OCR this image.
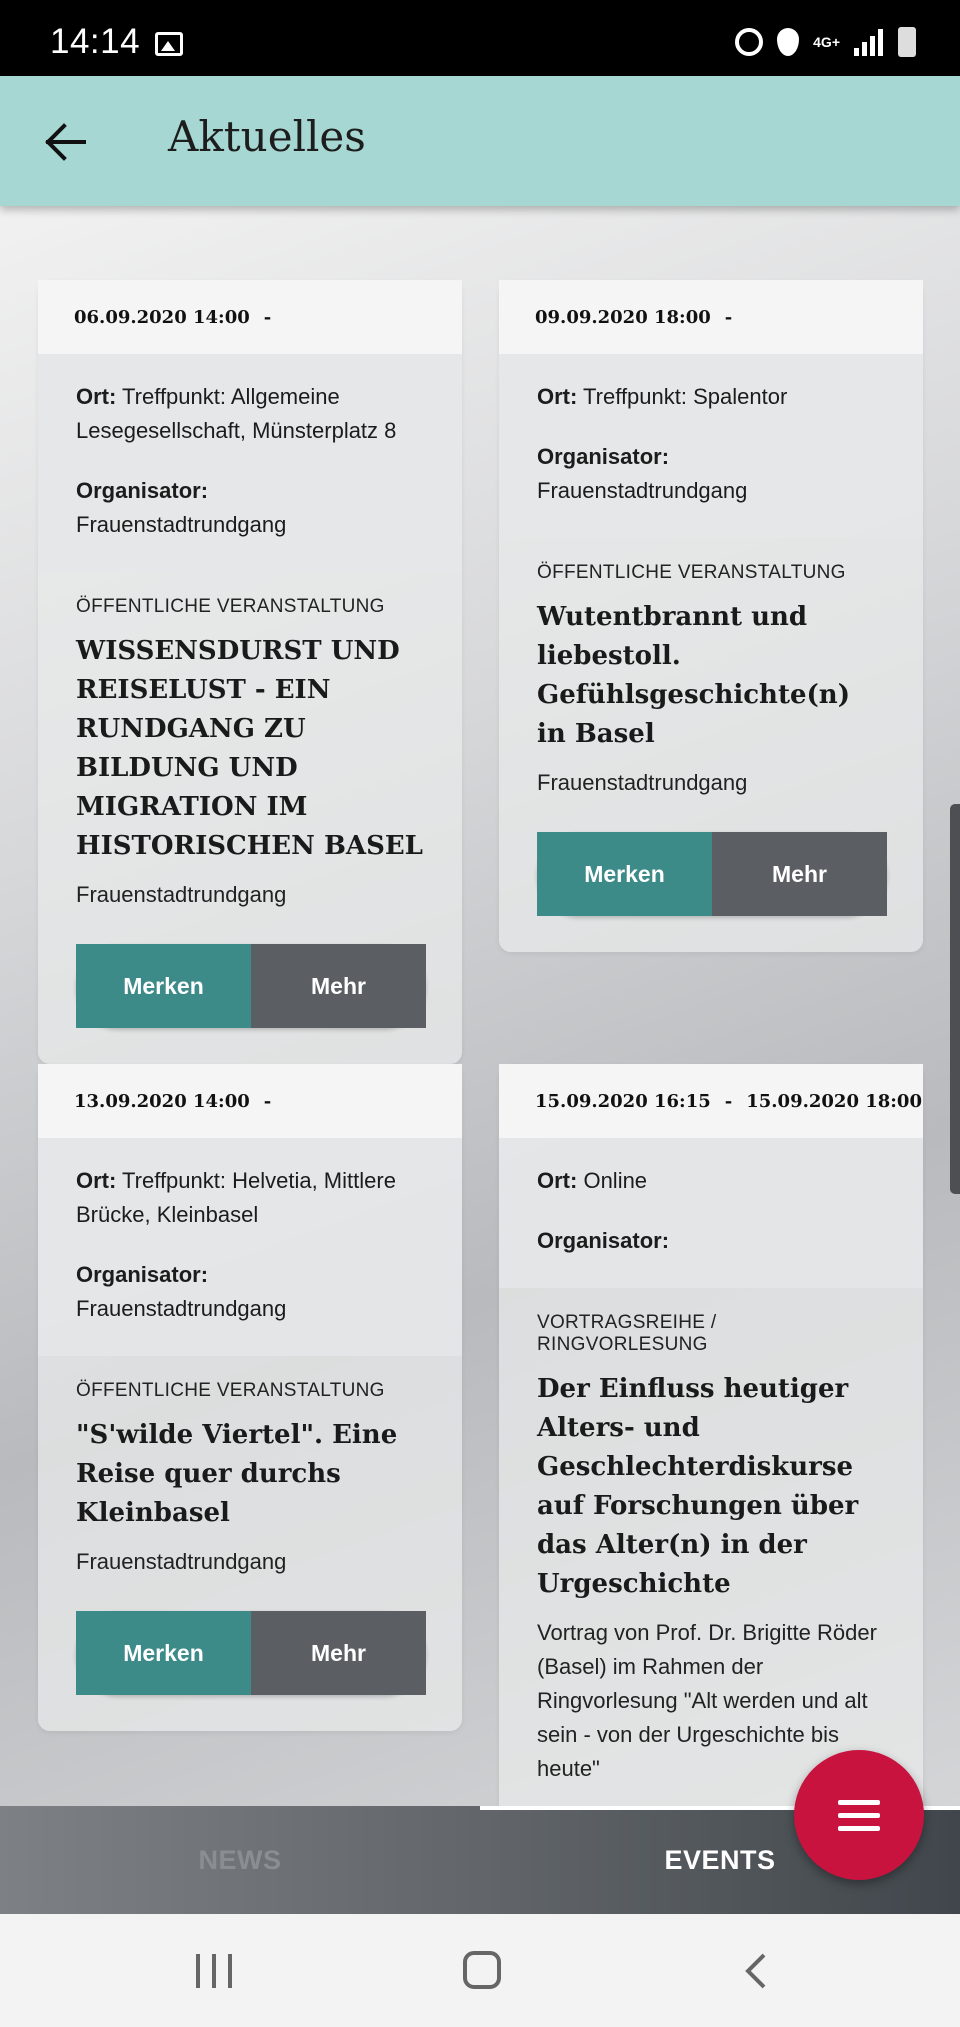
14:14	4G+
Aktuelles
06.09.2020 14:00 -

Ort: Treffpunkt: Allgemeine Lesegesellschaft, Münsterplatz 8

Organisator:

Frauenstadtrundgang

ÖFFENTLICHE VERANSTALTUNG
WISSENSDURST UND REISELUST - EIN RUNDGANG ZU BILDUNG UND MIGRATION IM HISTORISCHEN BASEL
Frauenstadtrundgang
Merken	Mehr
09.09.2020 18:00 -

Ort: Treffpunkt: Spalentor

Organisator:

Frauenstadtrundgang

ÖFFENTLICHE VERANSTALTUNG
Wutentbrannt und liebestoll. Gefühlsgeschichte(n) in Basel
Frauenstadtrundgang
Merken	Mehr
13.09.2020 14:00 -

Ort: Treffpunkt: Helvetia, Mittlere Brücke, Kleinbasel

Organisator:

Frauenstadtrundgang

ÖFFENTLICHE VERANSTALTUNG
"S'wilde Viertel". Eine Reise quer durchs Kleinbasel
Frauenstadtrundgang
Merken	Mehr
15.09.2020 16:15 - 15.09.2020 18:00

Ort: Online

Organisator:

VORTRAGSREIHE / RINGVORLESUNG
Der Einfluss heutiger Alters- und Geschlechterdiskurse auf Forschungen über das Alter(n) in der Urgeschichte
Vortrag von Prof. Dr. Brigitte Röder (Basel) im Rahmen der Ringvorlesung "Alt werden und alt sein - von der Urgeschichte bis heute"
NEWS	EVENTS
